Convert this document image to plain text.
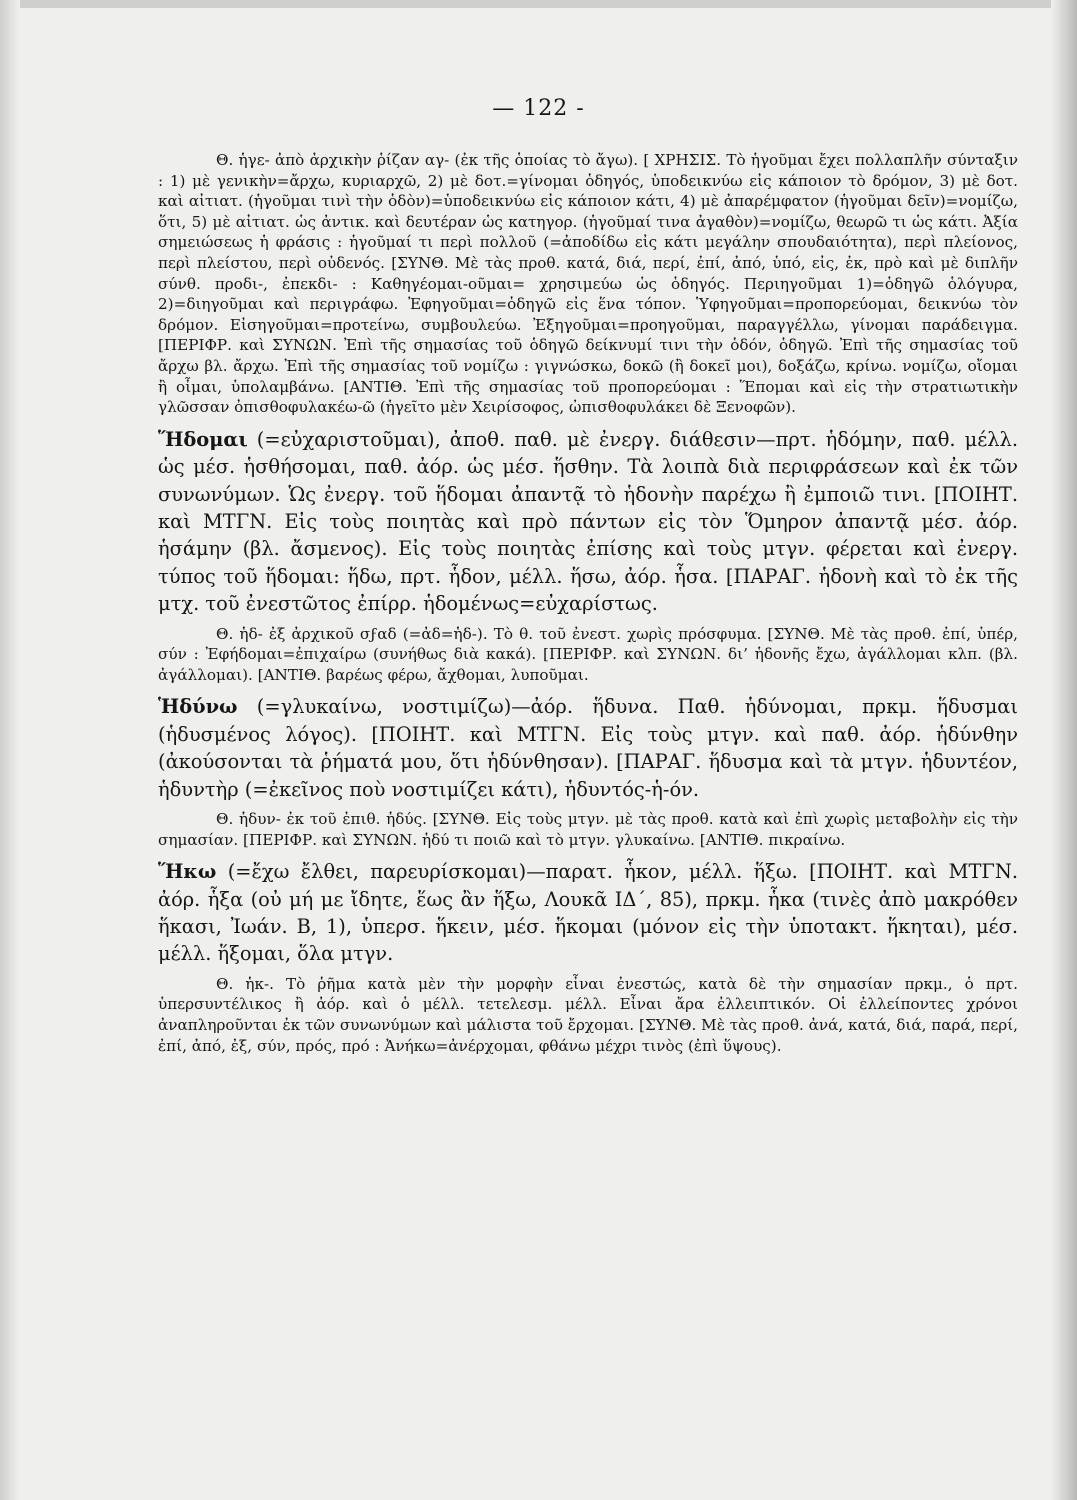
— 122 -

Θ. ἡγε- ἀπὸ ἀρχικὴν ῥίζαν αγ- (ἐκ τῆς ὁποίας τὸ ἄγω). [ ΧΡΗΣΙΣ. Τὸ ἡγοῦμαι ἔχει πολλαπλῆν σύνταξιν : 1) μὲ γενικὴν=ἄρχω, κυριαρχῶ, 2) μὲ δοτ.=γίνομαι ὁδηγός, ὑποδεικνύω εἰς κάποιον τὸ δρόμον, 3) μὲ δοτ. καὶ αἰτιατ. (ἡγοῦμαι τινὶ τὴν ὁδὸν)=ὑποδεικνύω εἰς κάποιον κάτι, 4) μὲ ἀπαρέμφατον (ἡγοῦμαι δεῖν)=νομίζω, ὅτι, 5) μὲ αἰτιατ. ὡς ἀντικ. καὶ δευτέραν ὡς κατηγορ. (ἡγοῦμαί τινα ἀγαθὸν)=νομίζω, θεωρῶ τι ὡς κάτι. Ἀξία σημειώσεως ἡ φράσις : ἡγοῦμαί τι περὶ πολλοῦ (=ἀποδίδω εἰς κάτι μεγάλην σπουδαιότητα), περὶ πλείονος, περὶ πλείστου, περὶ οὐδενός. [ΣΥΝΘ. Μὲ τὰς προθ. κατά, διά, περί, ἐπί, ἀπό, ὑπό, εἰς, ἐκ, πρὸ καὶ μὲ διπλῆν σύνθ. προδι-, ἐπεκδι- : Καθηγέομαι-οῦμαι= χρησιμεύω ὡς ὁδηγός. Περιηγοῦμαι 1)=ὁδηγῶ ὁλόγυρα, 2)=διηγοῦμαι καὶ περιγράφω. Ἐφηγοῦμαι=ὁδηγῶ εἰς ἕνα τόπον. Ὑφηγοῦμαι=προπορεύομαι, δεικνύω τὸν δρόμον. Εἰσηγοῦμαι=προτείνω, συμβουλεύω. Ἐξηγοῦμαι=προηγοῦμαι, παραγγέλλω, γίνομαι παράδειγμα. [ΠΕΡΙΦΡ. καὶ ΣΥΝΩΝ. Ἐπὶ τῆς σημασίας τοῦ ὁδηγῶ δείκνυμί τινι τὴν ὁδόν, ὁδηγῶ. Ἐπὶ τῆς σημασίας τοῦ ἄρχω βλ. ἄρχω. Ἐπὶ τῆς σημασίας τοῦ νομίζω : γιγνώσκω, δοκῶ (ἢ δοκεῖ μοι), δοξάζω, κρίνω. νομίζω, οἴομαι ἢ οἶμαι, ὑπολαμβάνω. [ΑΝΤΙΘ. Ἐπὶ τῆς σημασίας τοῦ προπορεύομαι : Ἕπομαι καὶ εἰς τὴν στρατιωτικὴν γλῶσσαν ὀπισθοφυλακέω-ῶ (ἡγεῖτο μὲν Χειρίσοφος, ὠπισθοφυλάκει δὲ Ξενοφῶν).

Ἥδομαι (=εὐχαριστοῦμαι), ἀποθ. παθ. μὲ ἐνεργ. διάθεσιν—πρτ. ἡδόμην, παθ. μέλλ. ὡς μέσ. ἡσθήσομαι, παθ. ἀόρ. ὡς μέσ. ἥσθην. Τὰ λοιπὰ διὰ περιφράσεων καὶ ἐκ τῶν συνωνύμων. Ὡς ἐνεργ. τοῦ ἥδομαι ἀπαντᾷ τὸ ἡδονὴν παρέχω ἢ ἐμποιῶ τινι. [ΠΟΙΗΤ. καὶ ΜΤΓΝ. Εἰς τοὺς ποιητὰς καὶ πρὸ πάντων εἰς τὸν Ὅμηρον ἀπαντᾷ μέσ. ἀόρ. ἡσάμην (βλ. ἄσμενος). Εἰς τοὺς ποιητὰς ἐπίσης καὶ τοὺς μτγν. φέρεται καὶ ἐνεργ. τύπος τοῦ ἥδομαι: ἥδω, πρτ. ἧδον, μέλλ. ἥσω, ἀόρ. ἧσα. [ΠΑΡΑΓ. ἡδονὴ καὶ τὸ ἐκ τῆς μτχ. τοῦ ἐνεστῶτος ἐπίρρ. ἡδομένως=εὐχαρίστως.

Θ. ἡδ- ἐξ ἀρχικοῦ σϝαδ (=ἀδ=ἡδ-). Τὸ θ. τοῦ ἐνεστ. χωρὶς πρόσφυμα. [ΣΥΝΘ. Μὲ τὰς προθ. ἐπί, ὑπέρ, σύν : Ἐφήδομαι=ἐπιχαίρω (συνήθως διὰ κακά). [ΠΕΡΙΦΡ. καὶ ΣΥΝΩΝ. δι’ ἡδονῆς ἔχω, ἀγάλλομαι κλπ. (βλ. ἀγάλλομαι). [ΑΝΤΙΘ. βαρέως φέρω, ἄχθομαι, λυποῦμαι.

Ἡδύνω (=γλυκαίνω, νοστιμίζω)—ἀόρ. ἥδυνα. Παθ. ἡδύνομαι, πρκμ. ἥδυσμαι (ἡδυσμένος λόγος). [ΠΟΙΗΤ. καὶ ΜΤΓΝ. Εἰς τοὺς μτγν. καὶ παθ. ἀόρ. ἡδύνθην (ἀκούσονται τὰ ῥήματά μου, ὅτι ἡδύνθησαν). [ΠΑΡΑΓ. ἥδυσμα καὶ τὰ μτγν. ἡδυντέον, ἡδυντὴρ (=ἐκεῖνος ποὺ νοστιμίζει κάτι), ἡδυντός-ἡ-όν.

Θ. ἡδυν- ἐκ τοῦ ἐπιθ. ἡδύς. [ΣΥΝΘ. Εἰς τοὺς μτγν. μὲ τὰς προθ. κατὰ καὶ ἐπὶ χωρὶς μεταβολὴν εἰς τὴν σημασίαν. [ΠΕΡΙΦΡ. καὶ ΣΥΝΩΝ. ἡδύ τι ποιῶ καὶ τὸ μτγν. γλυκαίνω. [ΑΝΤΙΘ. πικραίνω.

Ἥκω (=ἔχω ἔλθει, παρευρίσκομαι)—παρατ. ἧκον, μέλλ. ἥξω. [ΠΟΙΗΤ. καὶ ΜΤΓΝ. ἀόρ. ἧξα (οὐ μή με ἴδητε, ἕως ἂν ἥξω, Λουκᾶ ΙΔ΄, 85), πρκμ. ἧκα (τινὲς ἀπὸ μακρόθεν ἥκασι, Ἰωάν. Β, 1), ὑπερσ. ἥκειν, μέσ. ἥκομαι (μόνον εἰς τὴν ὑποτακτ. ἥκηται), μέσ. μέλλ. ἥξομαι, ὅλα μτγν.

Θ. ἡκ-. Τὸ ῥῆμα κατὰ μὲν τὴν μορφὴν εἶναι ἐνεστώς, κατὰ δὲ τὴν σημασίαν πρκμ., ὁ πρτ. ὑπερσυντέλικος ἢ ἀόρ. καὶ ὁ μέλλ. τετελεσμ. μέλλ. Εἶναι ἄρα ἐλλειπτικόν. Οἱ ἐλλείποντες χρόνοι ἀναπληροῦνται ἐκ τῶν συνωνύμων καὶ μάλιστα τοῦ ἔρχομαι. [ΣΥΝΘ. Μὲ τὰς προθ. ἀνά, κατά, διά, παρά, περί, ἐπί, ἀπό, ἐξ, σύν, πρός, πρό : Ἀνήκω=ἀνέρχομαι, φθάνω μέχρι τινὸς (ἐπὶ ὕψους).
